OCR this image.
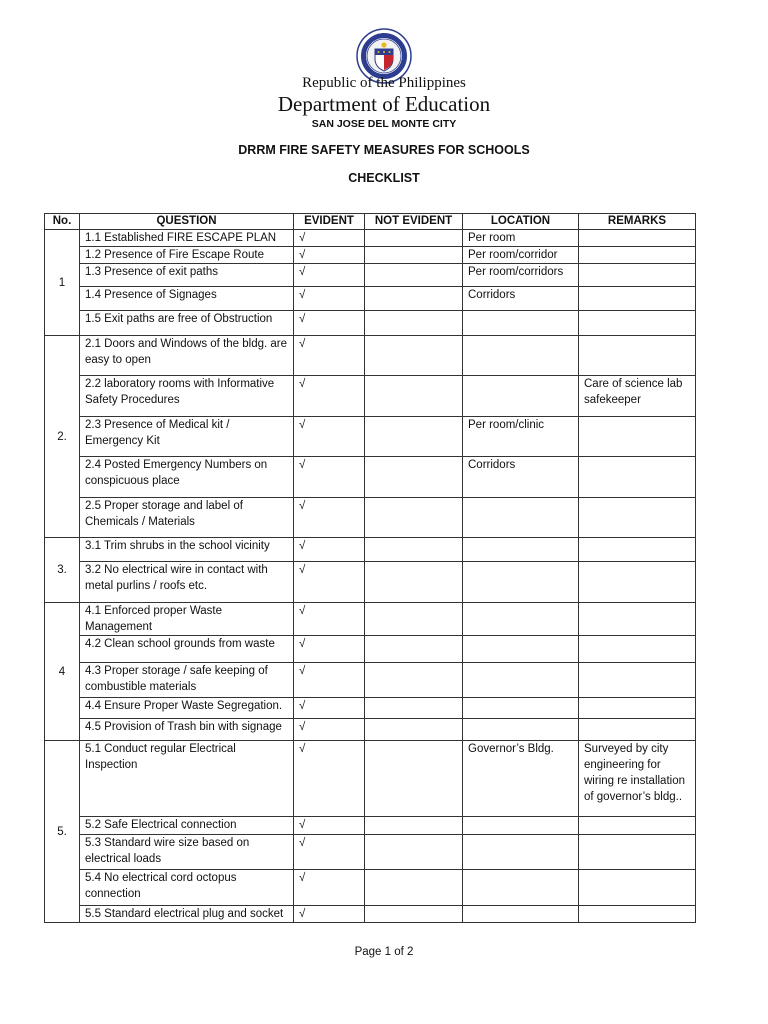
Republic of the Philippines
Department of Education
SAN JOSE DEL MONTE CITY
DRRM FIRE SAFETY MEASURES FOR SCHOOLS
CHECKLIST
No.	QUESTION	EVIDENT	NOT EVIDENT	LOCATION	REMARKS
1	1.1 Established FIRE ESCAPE PLAN	√		Per room	
	1.2 Presence of Fire Escape Route	√		Per room/corridor	
	1.3 Presence of exit paths	√		Per room/corridors	
	1.4 Presence of Signages	√		Corridors	
	1.5 Exit paths are free of Obstruction	√			
2.	2.1 Doors and Windows of the bldg. are easy to open	√			
	2.2 laboratory rooms with Informative Safety Procedures	√			Care of science lab safekeeper
	2.3 Presence of Medical kit / Emergency Kit	√		Per room/clinic	
	2.4 Posted Emergency Numbers on conspicuous place	√		Corridors	
	2.5 Proper storage and label of Chemicals / Materials	√			
3.	3.1 Trim shrubs in the school vicinity	√			
	3.2 No electrical wire in contact with metal purlins / roofs etc.	√			
4	4.1 Enforced proper Waste Management	√			
	4.2 Clean school grounds from waste	√			
	4.3 Proper storage / safe keeping of combustible materials	√			
	4.4 Ensure Proper Waste Segregation.	√			
	4.5 Provision of Trash bin with signage	√			
5.	5.1 Conduct regular Electrical Inspection	√		Governor’s Bldg.	Surveyed by city engineering for wiring re installation of governor’s bldg..
	5.2 Safe Electrical connection	√			
	5.3 Standard wire size based on electrical loads	√			
	5.4 No electrical cord octopus connection	√			
	5.5 Standard electrical plug and socket	√			
Page 1 of 2
